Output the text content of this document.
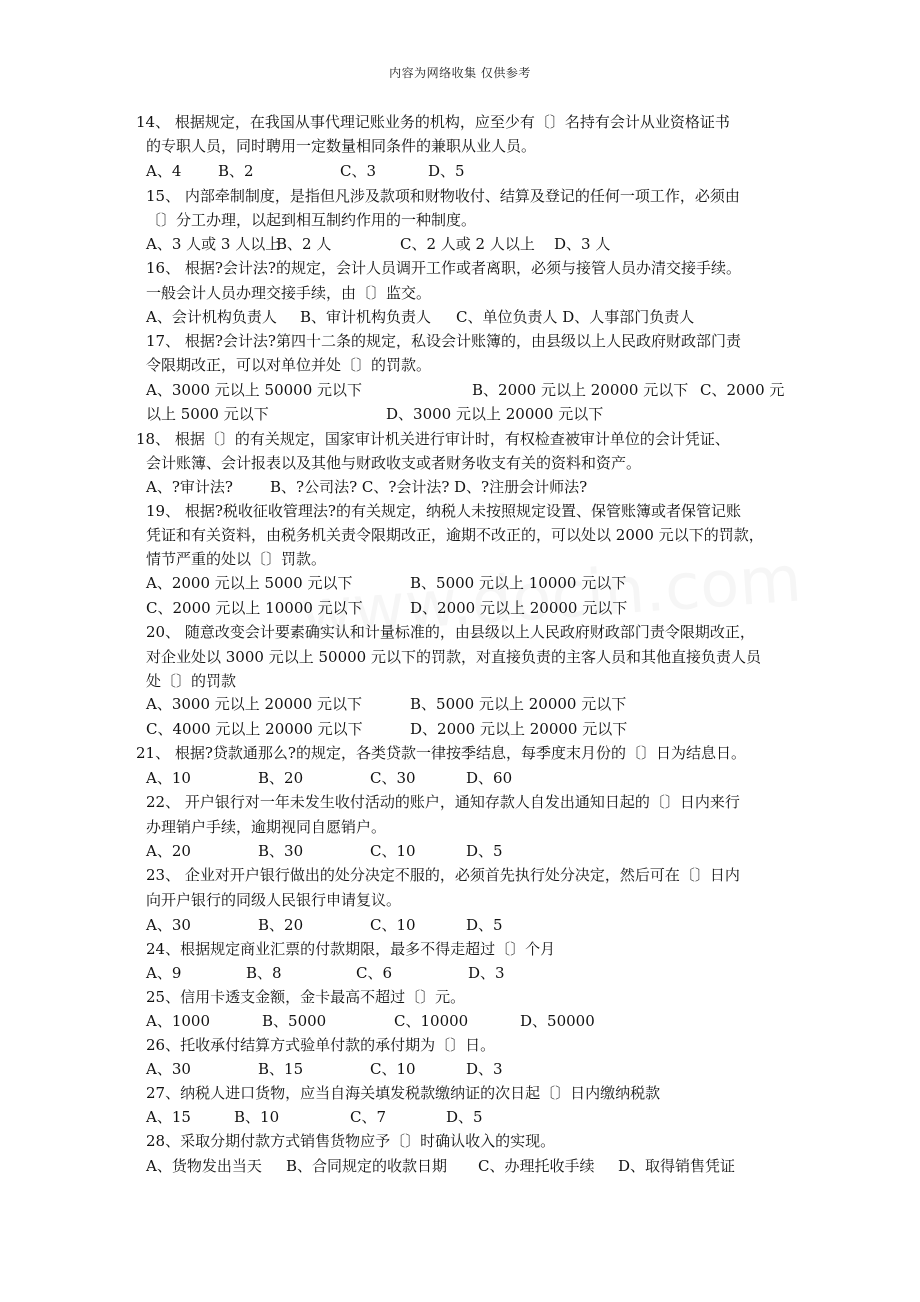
内容为网络收集 仅供参考
14、 根据规定，在我国从事代理记账业务的机构，应至少有〔〕名持有会计从业资格证书
的专职人员，同时聘用一定数量相同条件的兼职从业人员。
A、4 B、2	C、3	D、5
15、 内部牵制制度，是指但凡涉及款项和财物收付、结算及登记的任何一项工作，必须由
〔〕分工办理，以起到相互制约作用的一种制度。
A、3 人或 3 人以上
B、2 人	C、2 人或 2 人以上 D、3 人
16、 根据?会计法?的规定，会计人员调开工作或者离职，必须与接管人员办清交接手续。
一般会计人员办理交接手续，由〔〕监交。
A、会计机构负责人 B、审计机构负责人 C、单位负责人 D、人事部门负责人
17、 根据?会计法?第四十二条的规定，私设会计账簿的，由县级以上人民政府财政部门责
令限期改正，可以对单位并处〔〕的罚款。
A、3000 元以上 50000 元以下	B、2000 元以上 20000 元以下 C、2000 元
以上 5000 元以下	D、3000 元以上 20000 元以下
18、 根据〔〕的有关规定，国家审计机关进行审计时，有权检查被审计单位的会计凭证、
会计账簿、会计报表以及其他与财政收支或者财务收支有关的资料和资产。
A、?审计法? B、?公司法? C、?会计法? D、?注册会计师法?
19、 根据?税收征收管理法?的有关规定，纳税人未按照规定设置、保管账簿或者保管记账
凭证和有关资料，由税务机关责令限期改正，逾期不改正的，可以处以 2000 元以下的罚款，
情节严重的处以〔〕罚款。
A、2000 元以上 5000 元以下	B、5000 元以上 10000 元以下
C、2000 元以上 10000 元以下	D、2000 元以上 20000 元以下
20、 随意改变会计要素确实认和计量标准的，由县级以上人民政府财政部门责令限期改正，
对企业处以 3000 元以上 50000 元以下的罚款，对直接负责的主客人员和其他直接负责人员
处〔〕的罚款
A、3000 元以上 20000 元以下	B、5000 元以上 20000 元以下
C、4000 元以上 20000 元以下	D、2000 元以上 20000 元以下
21、 根据?贷款通那么?的规定，各类贷款一律按季结息，每季度末月份的〔〕日为结息日。
A、10	B、20	C、30	D、60
22、 开户银行对一年未发生收付活动的账户，通知存款人自发出通知日起的〔〕日内来行
办理销户手续，逾期视同自愿销户。
A、20	B、30	C、10	D、5
23、 企业对开户银行做出的处分决定不服的，必须首先执行处分决定，然后可在〔〕日内
向开户银行的同级人民银行申请复议。
A、30	B、20	C、10	D、5
24、根据规定商业汇票的付款期限，最多不得走超过〔〕个月
A、9	B、8	C、6	D、3
25、信用卡透支金额，金卡最高不超过〔〕元。
A、1000	B、5000	C、10000	D、50000
26、托收承付结算方式验单付款的承付期为〔〕日。
A、30	B、15	C、10	D、3
27、纳税人进口货物，应当自海关填发税款缴纳证的次日起〔〕日内缴纳税款
A、15	B、10	C、7	D、5
28、采取分期付款方式销售货物应予〔〕时确认收入的实现。
A、货物发出当天 B、合同规定的收款日期 C、办理托收手续 D、取得销售凭证
